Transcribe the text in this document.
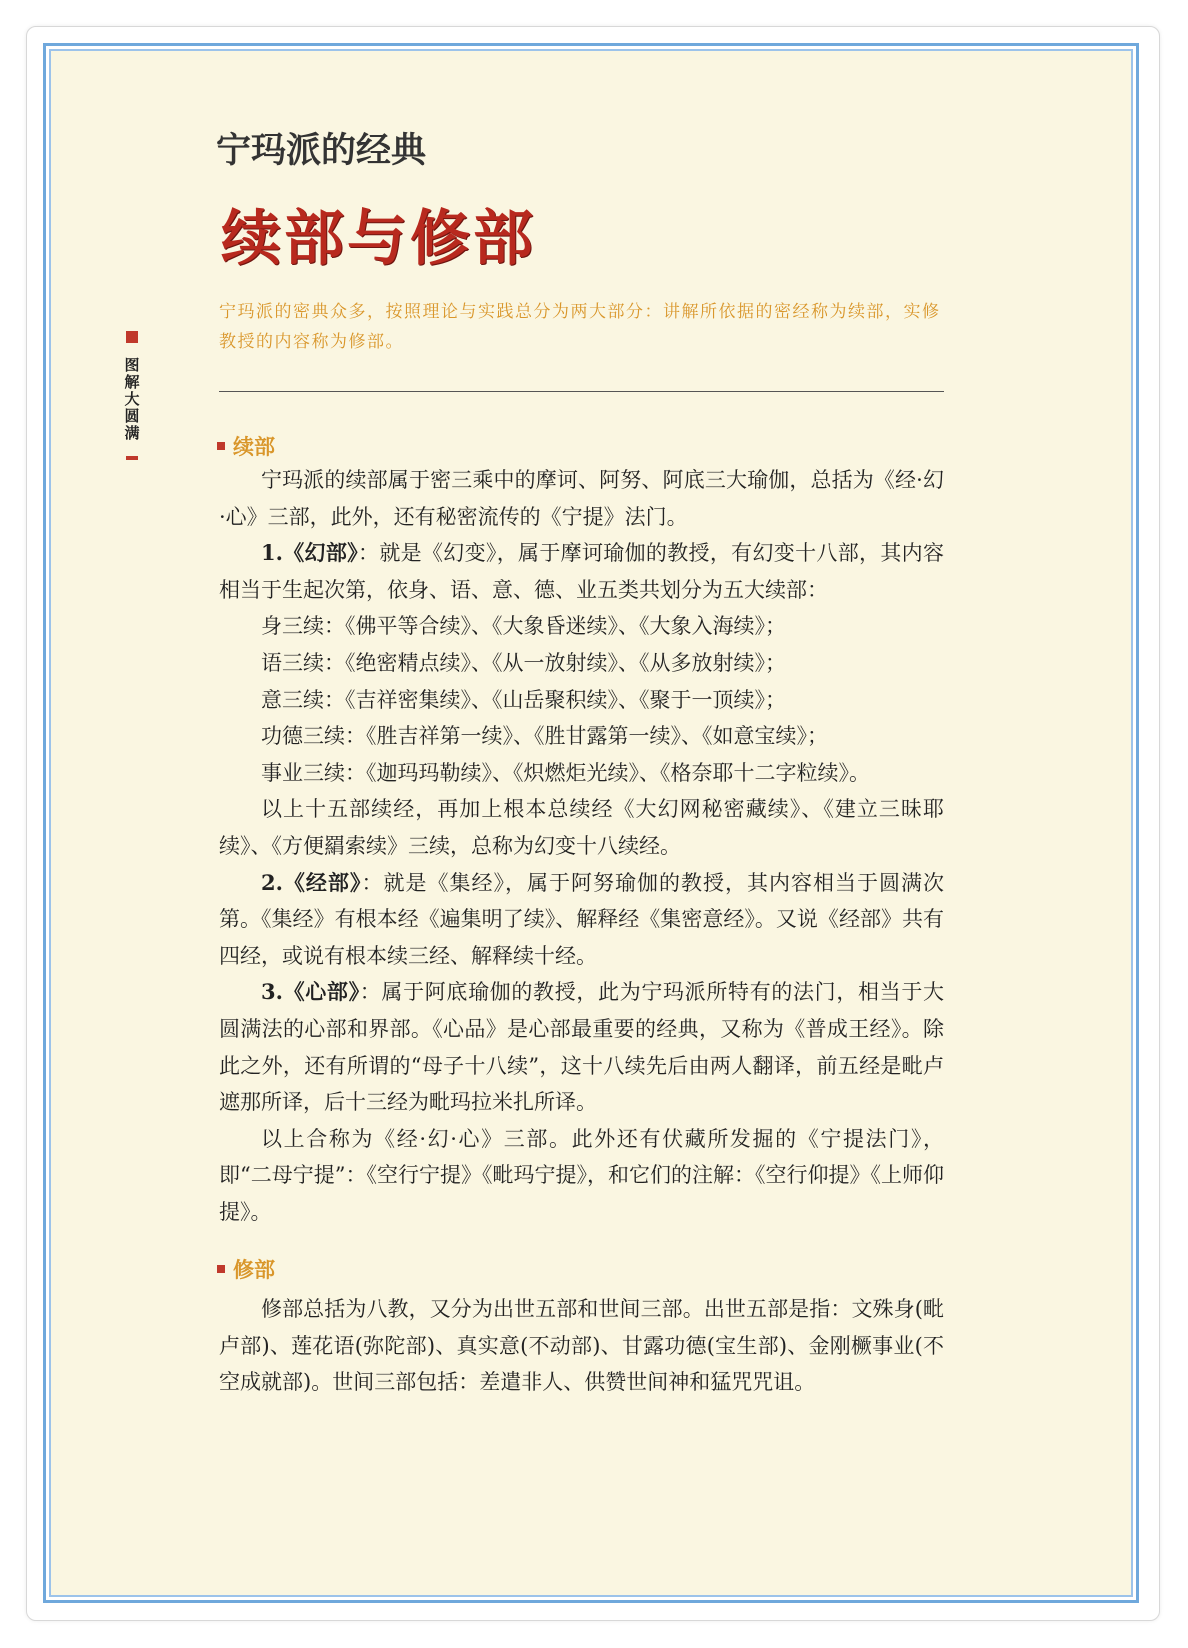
图解大圆满
宁玛派的经典
续部与修部
宁玛派的密典众多，按照理论与实践总分为两大部分：讲解所依据的密经称为续部，实修教授的内容称为修部。
续部

宁玛派的续部属于密三乘中的摩诃、阿努、阿底三大瑜伽，总括为《经·幻·心》三部，此外，还有秘密流传的《宁提》法门。

1.《幻部》：就是《幻变》，属于摩诃瑜伽的教授，有幻变十八部，其内容相当于生起次第，依身、语、意、德、业五类共划分为五大续部：

身三续：《佛平等合续》、《大象昏迷续》、《大象入海续》；

语三续：《绝密精点续》、《从一放射续》、《从多放射续》；

意三续：《吉祥密集续》、《山岳聚积续》、《聚于一顶续》；

功德三续：《胜吉祥第一续》、《胜甘露第一续》、《如意宝续》；

事业三续：《迦玛玛勒续》、《炽燃炬光续》、《格奈耶十二字粒续》。

以上十五部续经，再加上根本总续经《大幻网秘密藏续》、《建立三昧耶续》、《方便羂索续》三续，总称为幻变十八续经。

2.《经部》：就是《集经》，属于阿努瑜伽的教授，其内容相当于圆满次第。《集经》有根本经《遍集明了续》、解释经《集密意经》。又说《经部》共有四经，或说有根本续三经、解释续十经。

3.《心部》：属于阿底瑜伽的教授，此为宁玛派所特有的法门，相当于大圆满法的心部和界部。《心品》是心部最重要的经典，又称为《普成王经》。除此之外，还有所谓的“母子十八续”，这十八续先后由两人翻译，前五经是毗卢遮那所译，后十三经为毗玛拉米扎所译。

以上合称为《经·幻·心》三部。此外还有伏藏所发掘的《宁提法门》，即“二母宁提”：《空行宁提》《毗玛宁提》，和它们的注解：《空行仰提》《上师仰提》。

修部

修部总括为八教，又分为出世五部和世间三部。出世五部是指：文殊身(毗卢部)、莲花语(弥陀部)、真实意(不动部)、甘露功德(宝生部)、金刚橛事业(不空成就部)。世间三部包括：差遣非人、供赞世间神和猛咒咒诅。
